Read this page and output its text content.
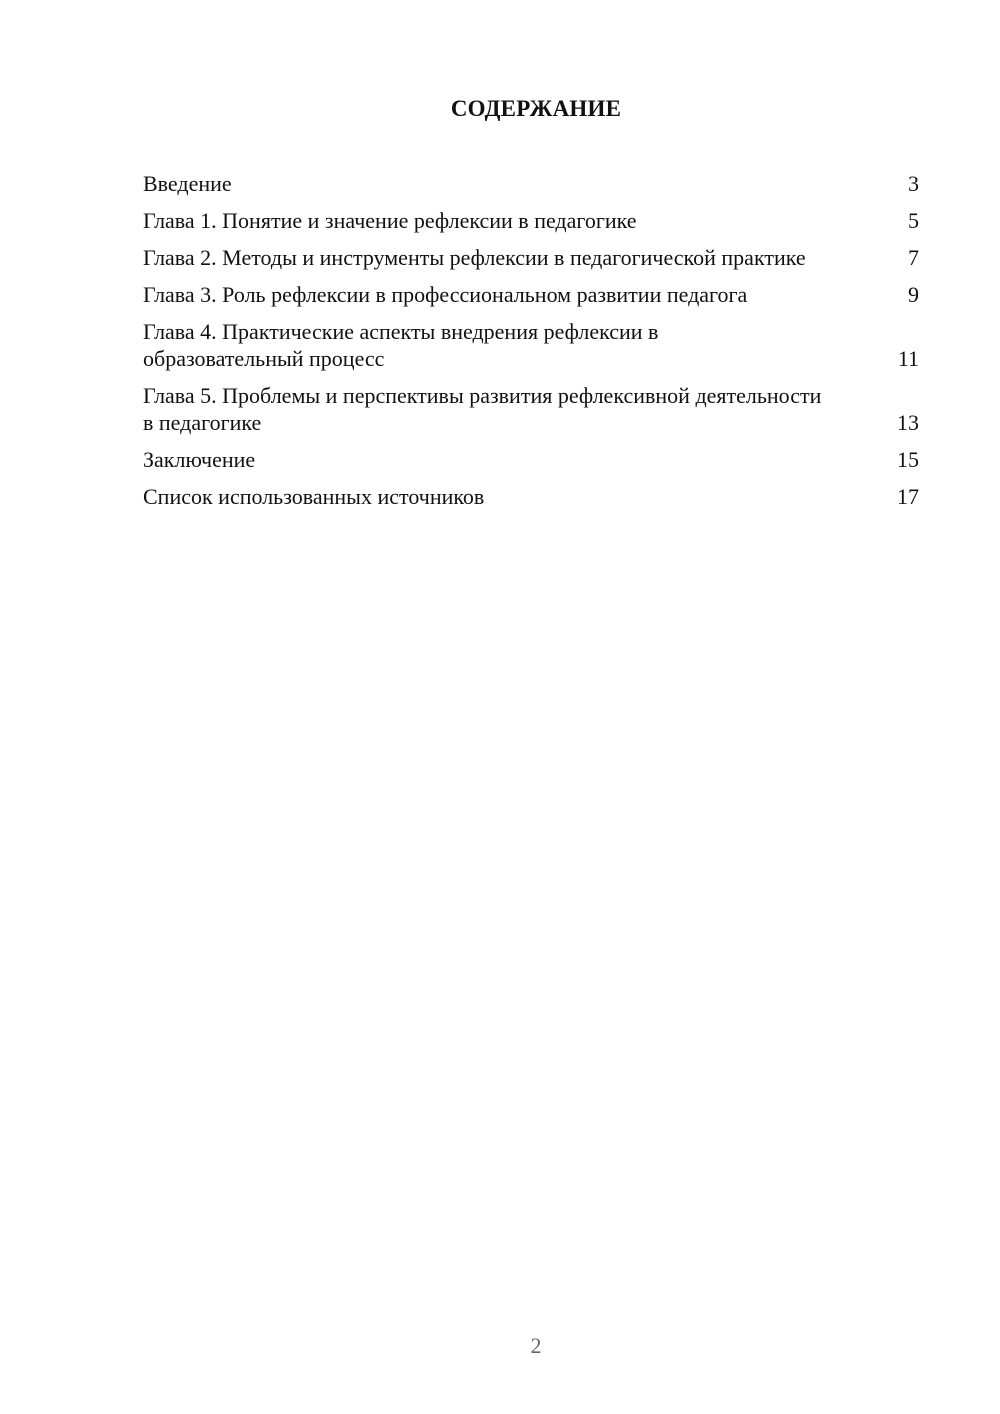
СОДЕРЖАНИЕ
Введение	3
Глава 1. Понятие и значение рефлексии в педагогике	5
Глава 2. Методы и инструменты рефлексии в педагогической практике	7
Глава 3. Роль рефлексии в профессиональном развитии педагога	9
Глава 4. Практические аспекты внедрения рефлексии в образовательный процесс	11
Глава 5. Проблемы и перспективы развития рефлексивной деятельности в педагогике	13
Заключение	15
Список использованных источников	17
2
